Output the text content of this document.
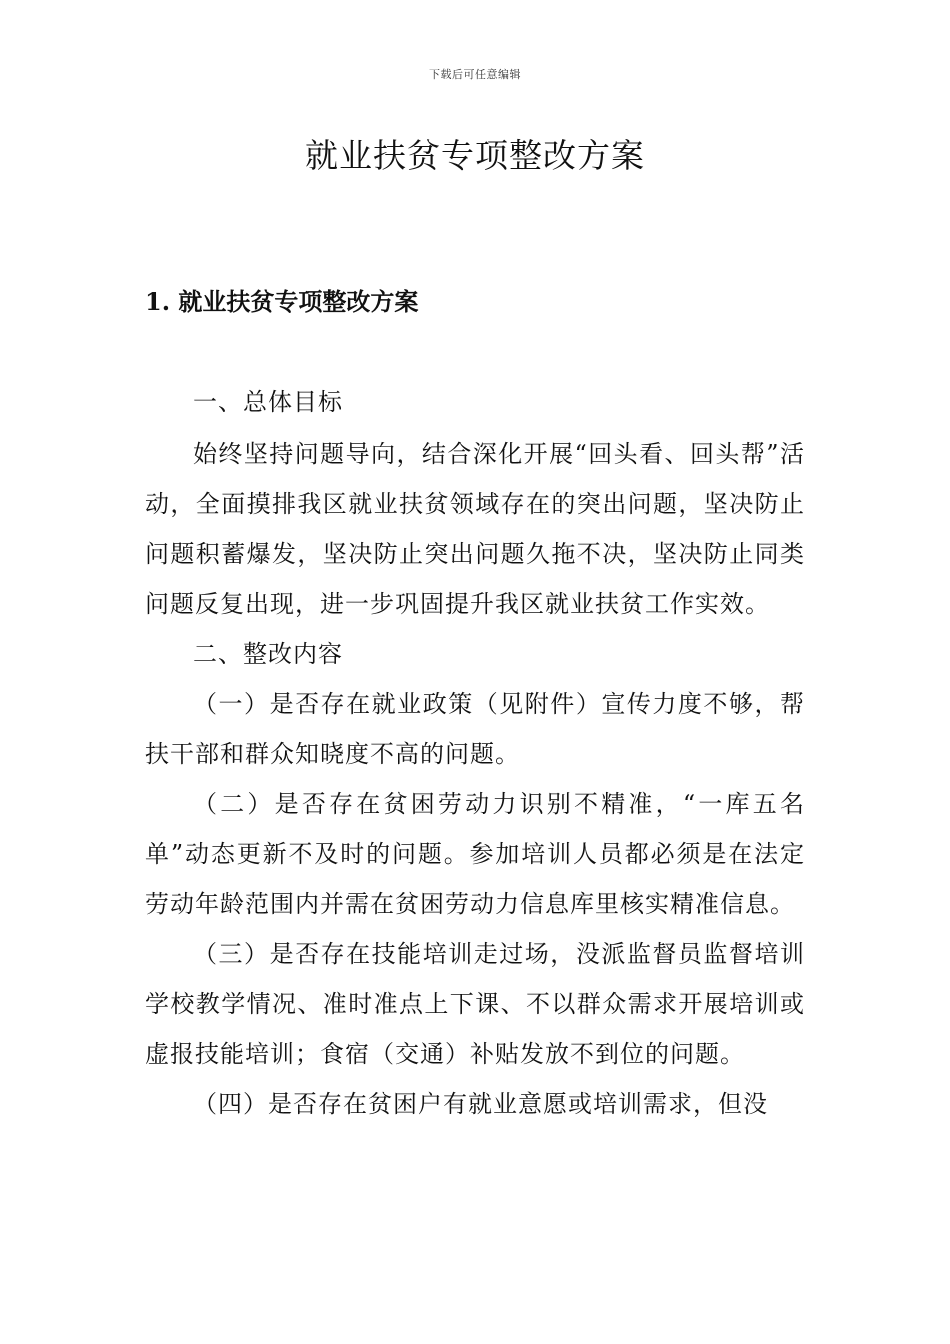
下载后可任意编辑
就业扶贫专项整改方案
1. 就业扶贫专项整改方案

一、总体目标

始终坚持问题导向，结合深化开展“回头看、回头帮”活动，全面摸排我区就业扶贫领域存在的突出问题，坚决防止问题积蓄爆发，坚决防止突出问题久拖不决，坚决防止同类问题反复出现，进一步巩固提升我区就业扶贫工作实效。

二、整改内容

（一）是否存在就业政策（见附件）宣传力度不够，帮扶干部和群众知晓度不高的问题。

（二）是否存在贫困劳动力识别不精准，“一库五名单”动态更新不及时的问题。参加培训人员都必须是在法定劳动年龄范围内并需在贫困劳动力信息库里核实精准信息。

（三）是否存在技能培训走过场，没派监督员监督培训学校教学情况、准时准点上下课、不以群众需求开展培训或虚报技能培训；食宿（交通）补贴发放不到位的问题。

（四）是否存在贫困户有就业意愿或培训需求，但没
